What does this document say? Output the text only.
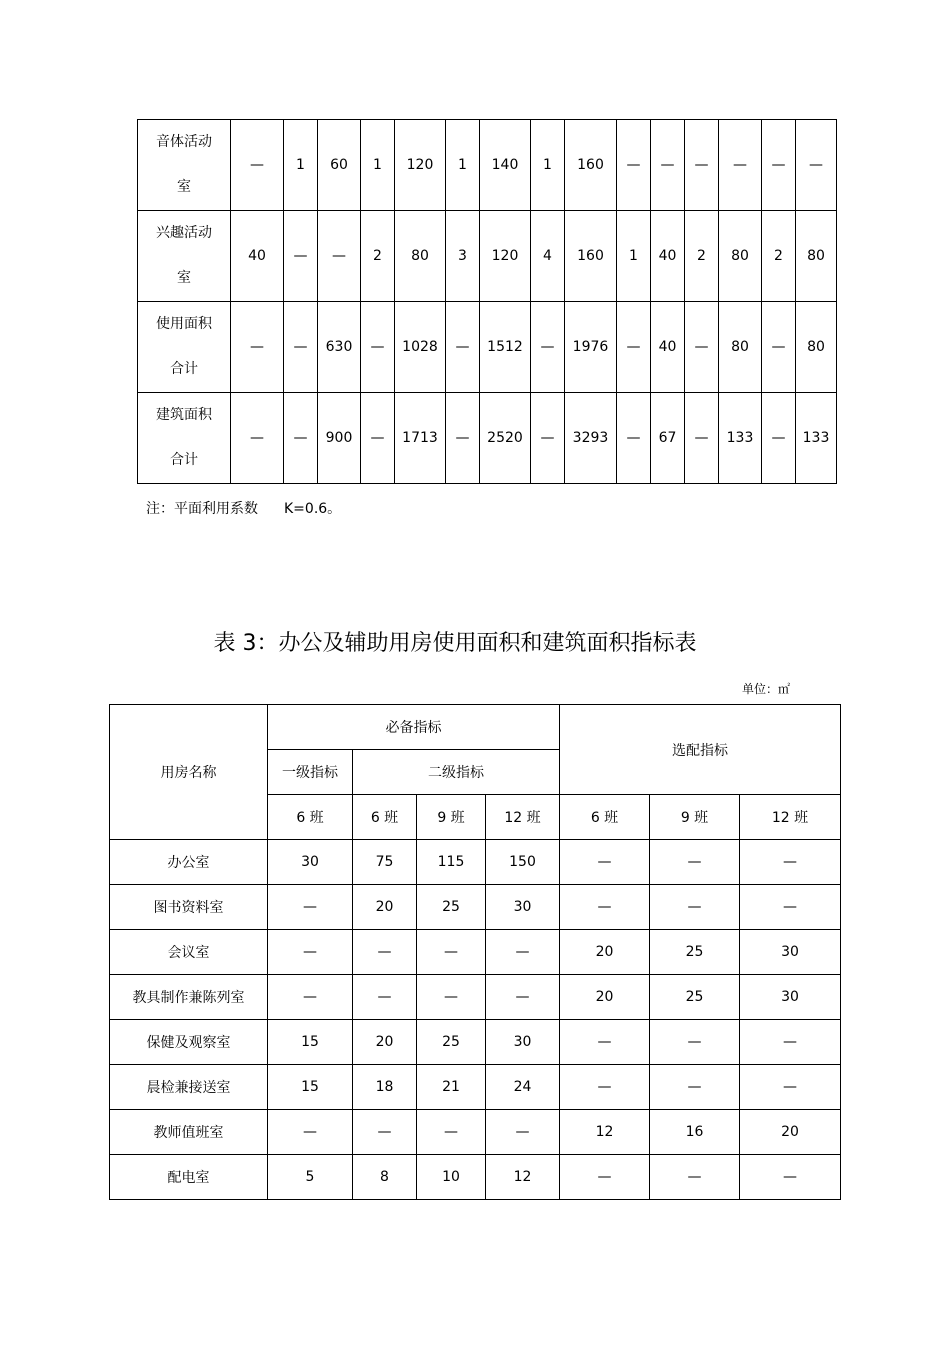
音体活动
室	—	1	60	1	120	1	140	1	160	—	—	—	—	—	—

兴趣活动
室	40	—	—	2	80	3	120	4	160	1	40	2	80	2	80

使用面积
合计	—	—	630	—	1028	—	1512	—	1976	—	40	—	80	—	80

建筑面积
合计	—	—	900	—	1713	—	2520	—	3293	—	67	—	133	—	133
注：平面利用系数 K=0.6。
表 3：办公及辅助用房使用面积和建筑面积指标表
单位：㎡
用房名称	必备指标				选配指标		
	一级指标	二级指标					
	6 班	6 班	9 班	12 班	6 班	9 班	12 班
办公室	30	75	115	150	—	—	—
图书资料室	—	20	25	30	—	—	—
会议室	—	—	—	—	20	25	30
教具制作兼陈列室	—	—	—	—	20	25	30
保健及观察室	15	20	25	30	—	—	—
晨检兼接送室	15	18	21	24	—	—	—
教师值班室	—	—	—	—	12	16	20
配电室	5	8	10	12	—	—	—
